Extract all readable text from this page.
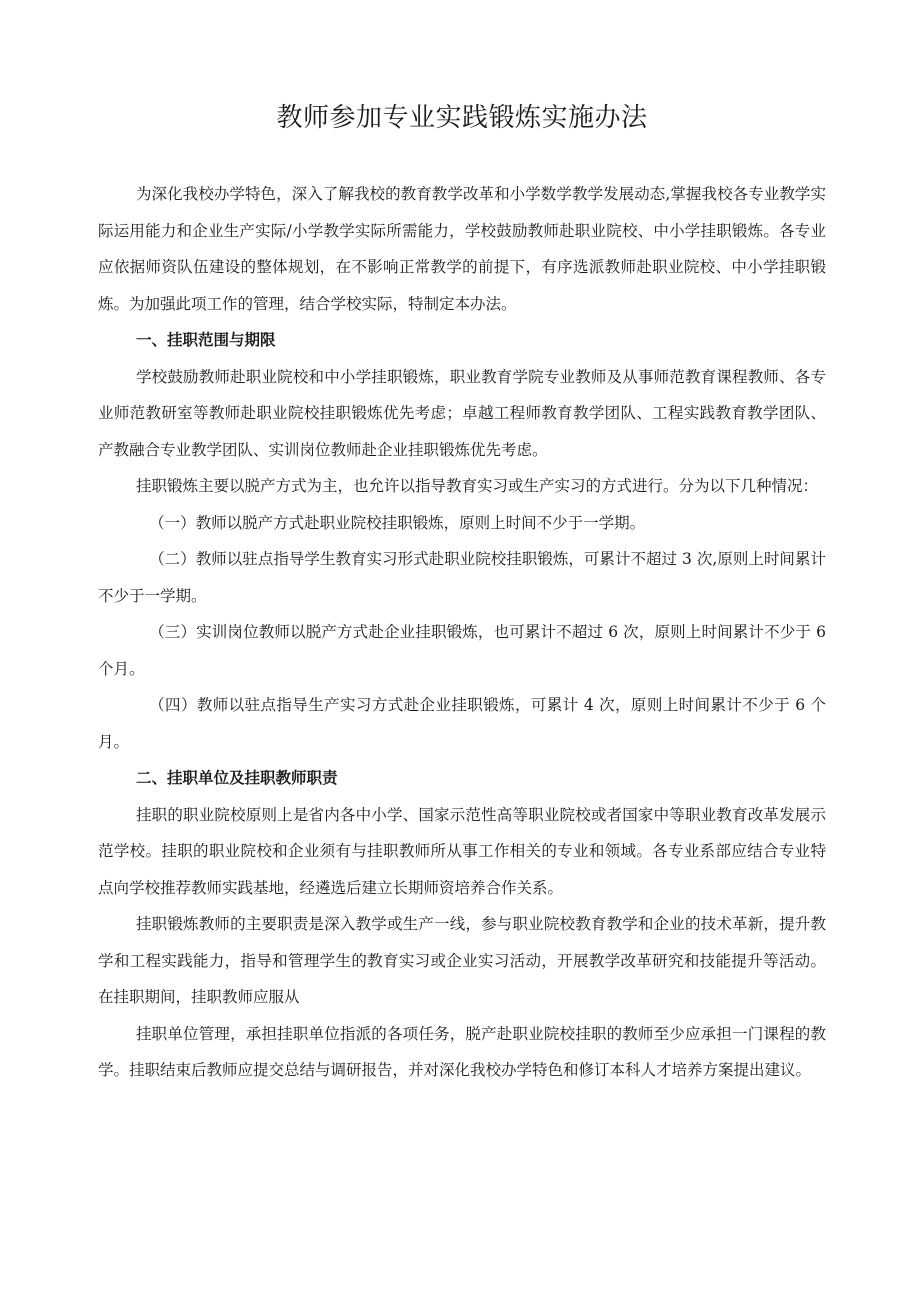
教师参加专业实践锻炼实施办法

为深化我校办学特色，深入了解我校的教育教学改革和小学数学教学发展动态,掌握我校各专业教学实际运用能力和企业生产实际/小学教学实际所需能力，学校鼓励教师赴职业院校、中小学挂职锻炼。各专业应依据师资队伍建设的整体规划，在不影响正常教学的前提下，有序选派教师赴职业院校、中小学挂职锻炼。为加强此项工作的管理，结合学校实际，特制定本办法。

一、挂职范围与期限

学校鼓励教师赴职业院校和中小学挂职锻炼，职业教育学院专业教师及从事师范教育课程教师、各专业师范教研室等教师赴职业院校挂职锻炼优先考虑；卓越工程师教育教学团队、工程实践教育教学团队、产教融合专业教学团队、实训岗位教师赴企业挂职锻炼优先考虑。

挂职锻炼主要以脱产方式为主，也允许以指导教育实习或生产实习的方式进行。分为以下几种情况：

（一）教师以脱产方式赴职业院校挂职锻炼，原则上时间不少于一学期。

（二）教师以驻点指导学生教育实习形式赴职业院校挂职锻炼，可累计不超过 3 次,原则上时间累计不少于一学期。

（三）实训岗位教师以脱产方式赴企业挂职锻炼，也可累计不超过 6 次，原则上时间累计不少于 6 个月。

（四）教师以驻点指导生产实习方式赴企业挂职锻炼，可累计 4 次，原则上时间累计不少于 6 个月。

二、挂职单位及挂职教师职责

挂职的职业院校原则上是省内各中小学、国家示范性高等职业院校或者国家中等职业教育改革发展示范学校。挂职的职业院校和企业须有与挂职教师所从事工作相关的专业和领域。各专业系部应结合专业特点向学校推荐教师实践基地，经遴选后建立长期师资培养合作关系。

挂职锻炼教师的主要职责是深入教学或生产一线，参与职业院校教育教学和企业的技术革新，提升教学和工程实践能力，指导和管理学生的教育实习或企业实习活动，开展教学改革研究和技能提升等活动。在挂职期间，挂职教师应服从

挂职单位管理，承担挂职单位指派的各项任务，脱产赴职业院校挂职的教师至少应承担一门课程的教学。挂职结束后教师应提交总结与调研报告，并对深化我校办学特色和修订本科人才培养方案提出建议。
